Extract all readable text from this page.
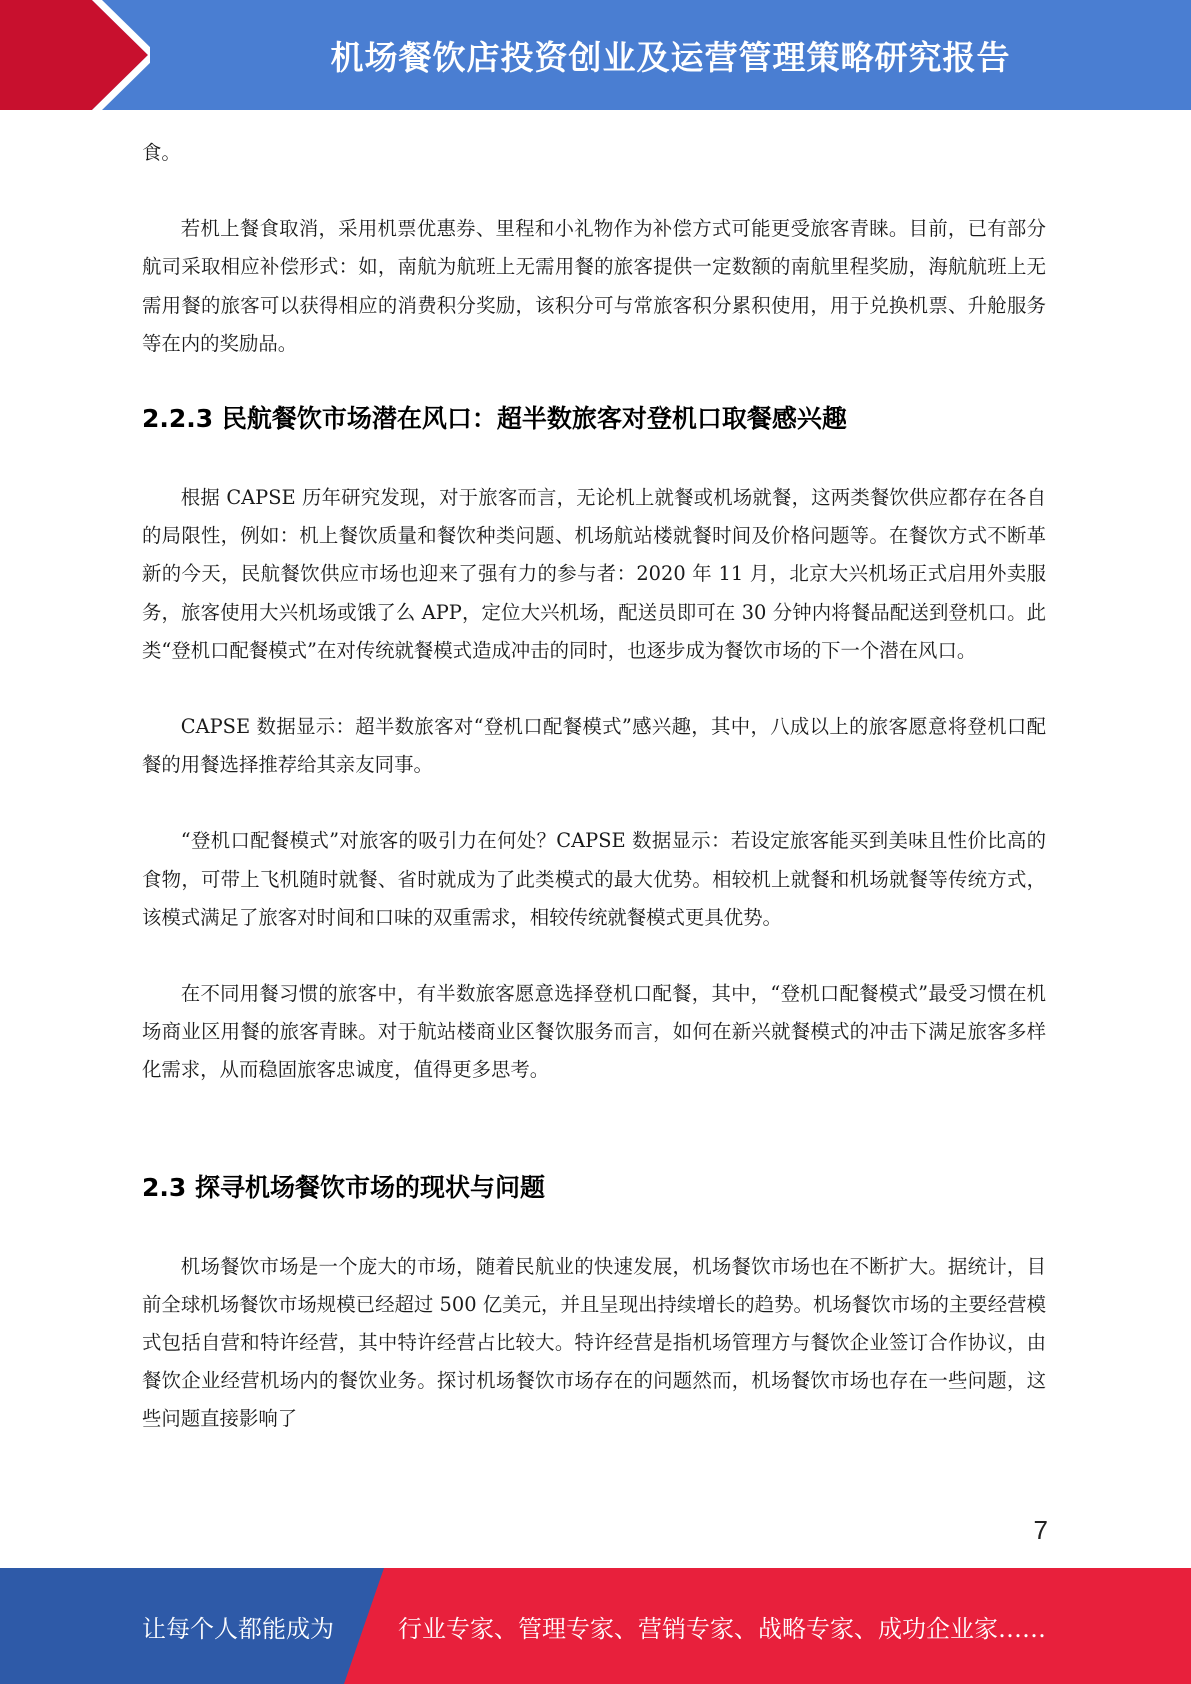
机场餐饮店投资创业及运营管理策略研究报告

食。

若机上餐食取消，采用机票优惠券、里程和小礼物作为补偿方式可能更受旅客青睐。目前，已有部分航司采取相应补偿形式：如，南航为航班上无需用餐的旅客提供一定数额的南航里程奖励，海航航班上无需用餐的旅客可以获得相应的消费积分奖励，该积分可与常旅客积分累积使用，用于兑换机票、升舱服务等在内的奖励品。

2.2.3 民航餐饮市场潜在风口：超半数旅客对登机口取餐感兴趣

根据 CAPSE 历年研究发现，对于旅客而言，无论机上就餐或机场就餐，这两类餐饮供应都存在各自的局限性，例如：机上餐饮质量和餐饮种类问题、机场航站楼就餐时间及价格问题等。在餐饮方式不断革新的今天，民航餐饮供应市场也迎来了强有力的参与者：2020 年 11 月，北京大兴机场正式启用外卖服务，旅客使用大兴机场或饿了么 APP，定位大兴机场，配送员即可在 30 分钟内将餐品配送到登机口。此类“登机口配餐模式”在对传统就餐模式造成冲击的同时，也逐步成为餐饮市场的下一个潜在风口。

CAPSE 数据显示：超半数旅客对“登机口配餐模式”感兴趣，其中，八成以上的旅客愿意将登机口配餐的用餐选择推荐给其亲友同事。

“登机口配餐模式”对旅客的吸引力在何处？CAPSE 数据显示：若设定旅客能买到美味且性价比高的食物，可带上飞机随时就餐、省时就成为了此类模式的最大优势。相较机上就餐和机场就餐等传统方式，该模式满足了旅客对时间和口味的双重需求，相较传统就餐模式更具优势。

在不同用餐习惯的旅客中，有半数旅客愿意选择登机口配餐，其中，“登机口配餐模式”最受习惯在机场商业区用餐的旅客青睐。对于航站楼商业区餐饮服务而言，如何在新兴就餐模式的冲击下满足旅客多样化需求，从而稳固旅客忠诚度，值得更多思考。

2.3 探寻机场餐饮市场的现状与问题

机场餐饮市场是一个庞大的市场，随着民航业的快速发展，机场餐饮市场也在不断扩大。据统计，目前全球机场餐饮市场规模已经超过 500 亿美元，并且呈现出持续增长的趋势。机场餐饮市场的主要经营模式包括自营和特许经营，其中特许经营占比较大。特许经营是指机场管理方与餐饮企业签订合作协议，由餐饮企业经营机场内的餐饮业务。探讨机场餐饮市场存在的问题然而，机场餐饮市场也存在一些问题，这些问题直接影响了

7
让每个人都能成为	行业专家、管理专家、营销专家、战略专家、成功企业家……
